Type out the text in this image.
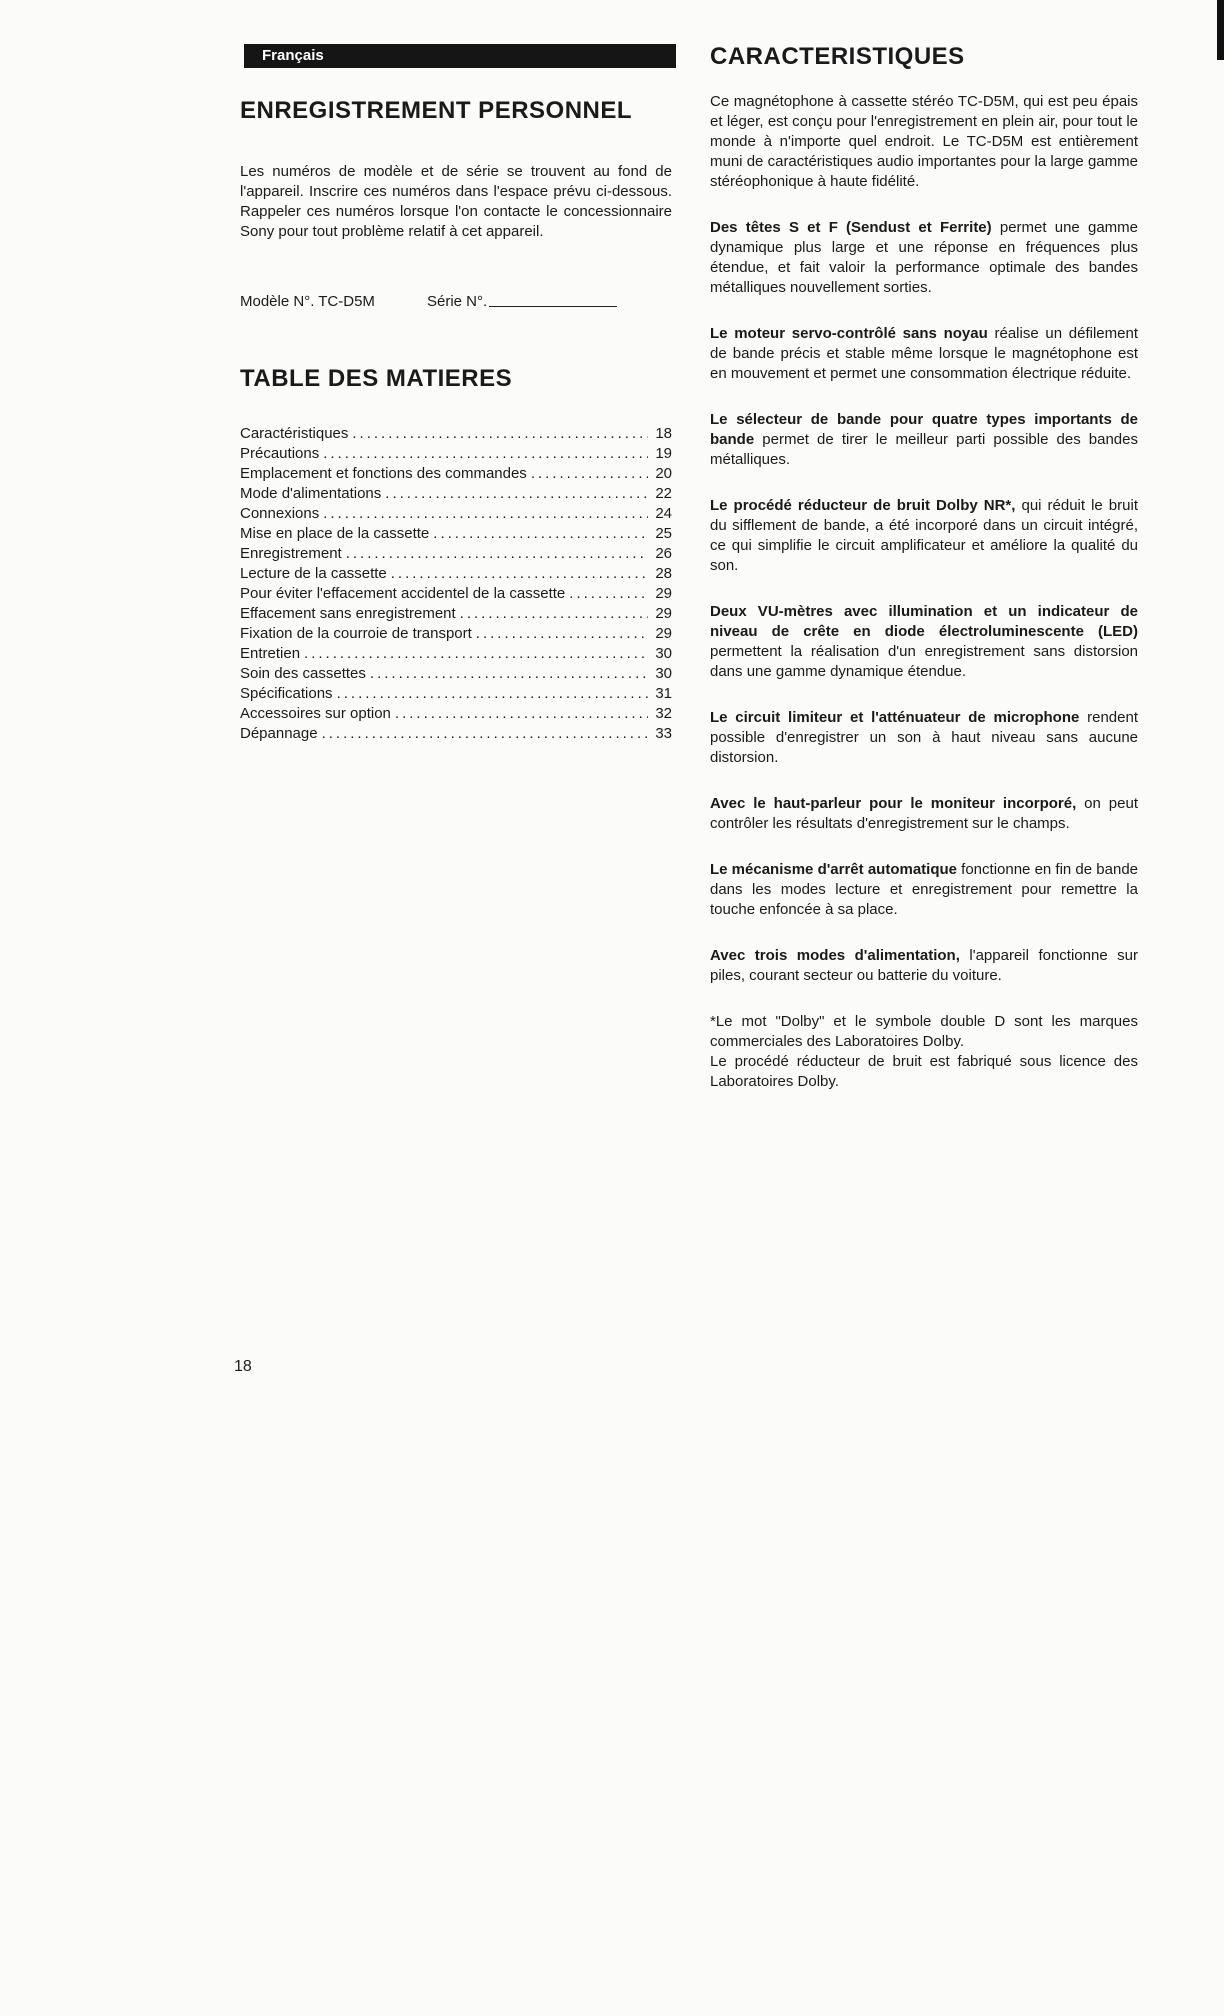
Français
ENREGISTREMENT PERSONNEL

Les numéros de modèle et de série se trouvent au fond de l'appareil. Inscrire ces numéros dans l'espace prévu ci-dessous. Rappeler ces numéros lorsque l'on contacte le concessionnaire Sony pour tout problème relatif à cet appareil.

Modèle N°. TC-D5M	Série N°.
TABLE DES MATIERES
Caractéristiques .....	18
Précautions .....	19
Emplacement et fonctions des commandes .....	20
Mode d'alimentations .....	22
Connexions .....	24
Mise en place de la cassette .....	25
Enregistrement .....	26
Lecture de la cassette .....	28
Pour éviter l'effacement accidentel de la cassette .....	29
Effacement sans enregistrement .....	29
Fixation de la courroie de transport .....	29
Entretien .....	30
Soin des cassettes .....	30
Spécifications .....	31
Accessoires sur option .....	32
Dépannage .....	33
CARACTERISTIQUES

Ce magnétophone à cassette stéréo TC-D5M, qui est peu épais et léger, est conçu pour l'enregistrement en plein air, pour tout le monde à n'importe quel endroit. Le TC-D5M est entièrement muni de caractéristiques audio importantes pour la large gamme stéréophonique à haute fidélité.

Des têtes S et F (Sendust et Ferrite) permet une gamme dynamique plus large et une réponse en fréquences plus étendue, et fait valoir la performance optimale des bandes métalliques nouvellement sorties.

Le moteur servo-contrôlé sans noyau réalise un défilement de bande précis et stable même lorsque le magnétophone est en mouvement et permet une consommation électrique réduite.

Le sélecteur de bande pour quatre types importants de bande permet de tirer le meilleur parti possible des bandes métalliques.

Le procédé réducteur de bruit Dolby NR*, qui réduit le bruit du sifflement de bande, a été incorporé dans un circuit intégré, ce qui simplifie le circuit amplificateur et améliore la qualité du son.

Deux VU-mètres avec illumination et un indicateur de niveau de crête en diode électroluminescente (LED) permettent la réalisation d'un enregistrement sans distorsion dans une gamme dynamique étendue.

Le circuit limiteur et l'atténuateur de microphone rendent possible d'enregistrer un son à haut niveau sans aucune distorsion.

Avec le haut-parleur pour le moniteur incorporé, on peut contrôler les résultats d'enregistrement sur le champs.

Le mécanisme d'arrêt automatique fonctionne en fin de bande dans les modes lecture et enregistrement pour remettre la touche enfoncée à sa place.

Avec trois modes d'alimentation, l'appareil fonctionne sur piles, courant secteur ou batterie du voiture.

*Le mot "Dolby" et le symbole double D sont les marques commerciales des Laboratoires Dolby.

Le procédé réducteur de bruit est fabriqué sous licence des Laboratoires Dolby.

18
